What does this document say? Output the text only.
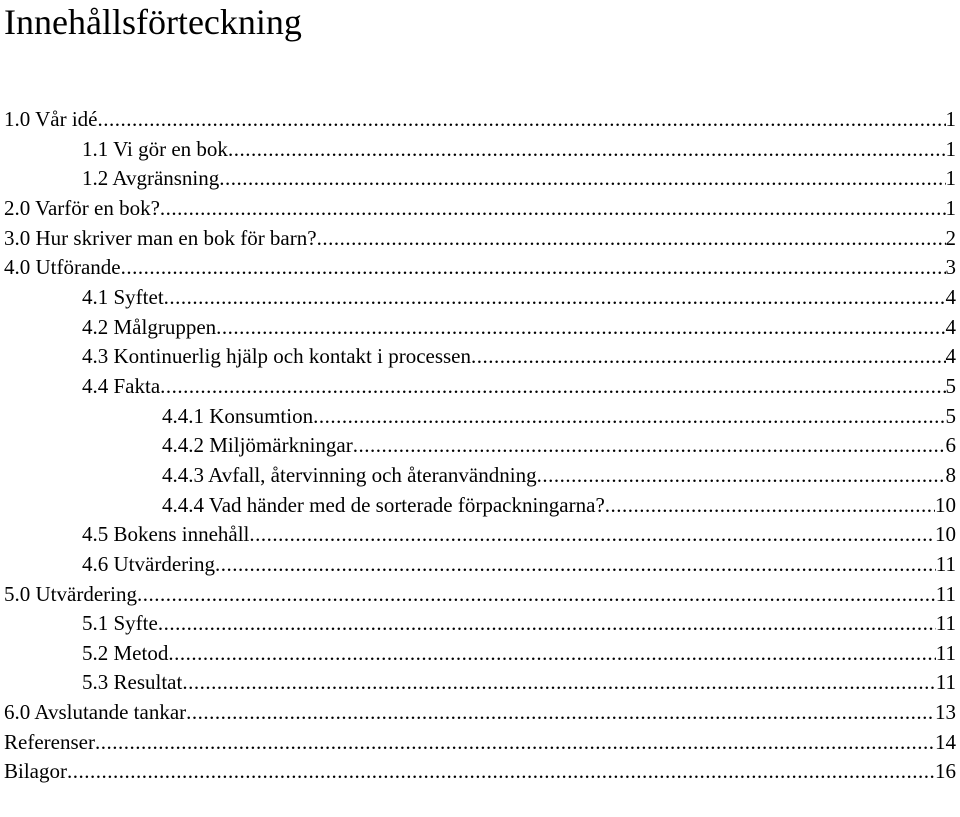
Innehållsförteckning
1.0 Vår idé .....	1
1.1 Vi gör en bok .....	1
1.2 Avgränsning .....	1
2.0 Varför en bok? .....	1
3.0 Hur skriver man en bok för barn? .....	2
4.0 Utförande .....	3
4.1 Syftet .....	4
4.2 Målgruppen .....	4
4.3 Kontinuerlig hjälp och kontakt i processen .....	4
4.4 Fakta .....	5
4.4.1 Konsumtion .....	5
4.4.2 Miljömärkningar .....	6
4.4.3 Avfall, återvinning och återanvändning .....	8
4.4.4 Vad händer med de sorterade förpackningarna? .....	10
4.5 Bokens innehåll .....	10
4.6 Utvärdering .....	11
5.0 Utvärdering .....	11
5.1 Syfte .....	11
5.2 Metod .....	11
5.3 Resultat .....	11
6.0 Avslutande tankar .....	13
Referenser .....	14
Bilagor .....	16
